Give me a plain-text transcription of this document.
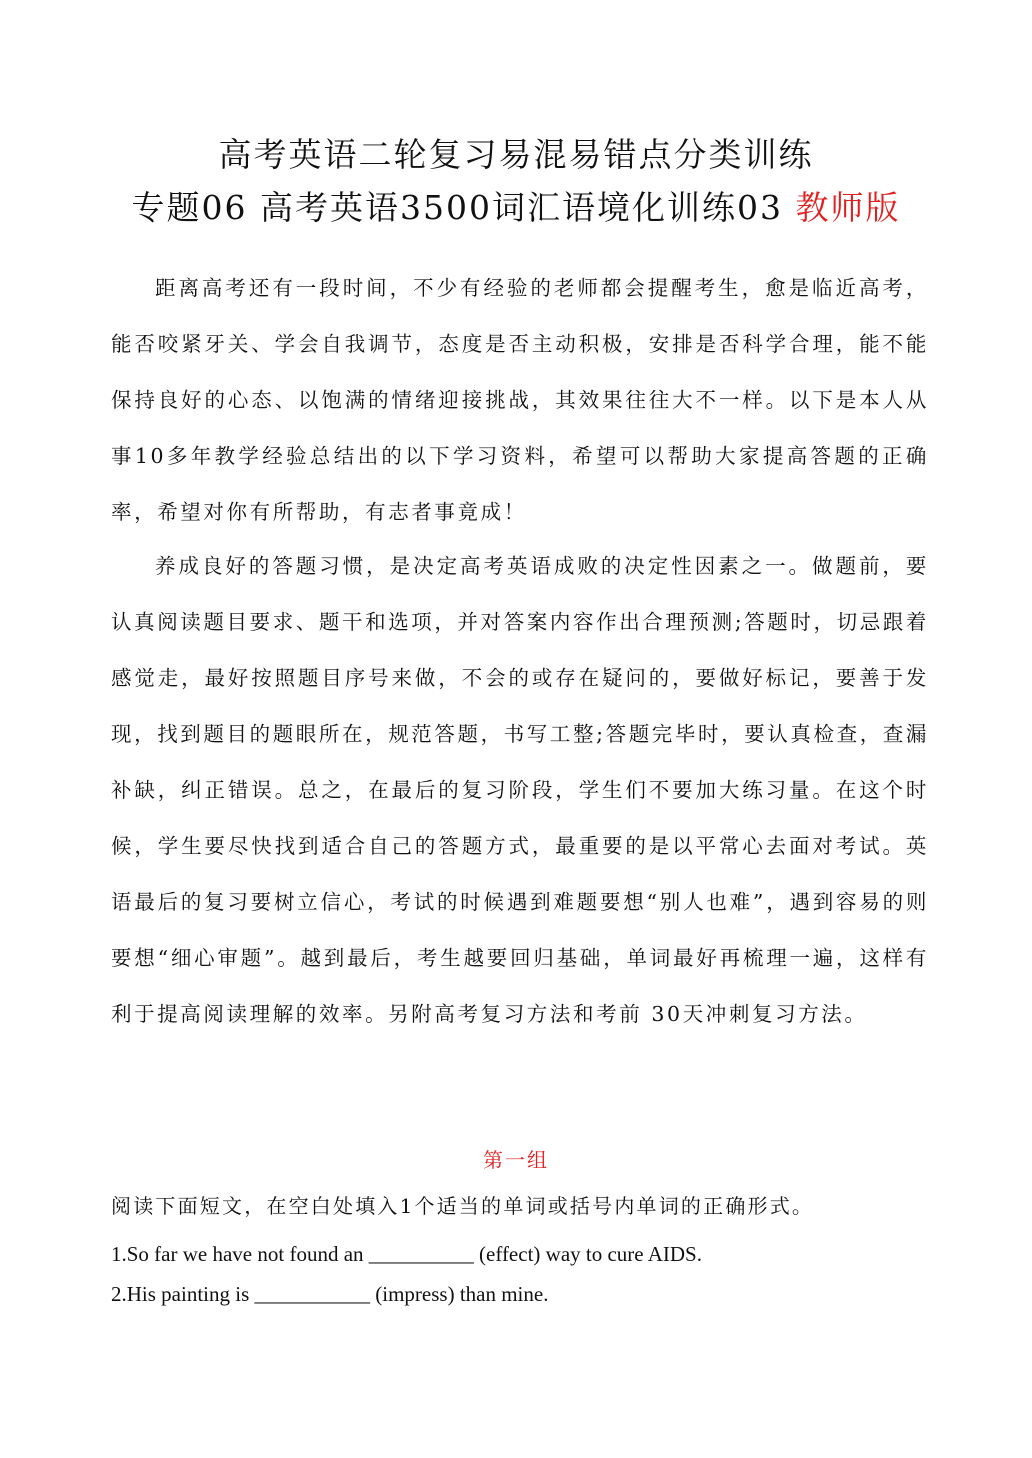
高考英语二轮复习易混易错点分类训练
专题06 高考英语3500词汇语境化训练03 教师版

距离高考还有一段时间，不少有经验的老师都会提醒考生，愈是临近高考，能否咬紧牙关、学会自我调节，态度是否主动积极，安排是否科学合理，能不能保持良好的心态、以饱满的情绪迎接挑战，其效果往往大不一样。以下是本人从事10多年教学经验总结出的以下学习资料，希望可以帮助大家提高答题的正确率，希望对你有所帮助，有志者事竟成！

养成良好的答题习惯，是决定高考英语成败的决定性因素之一。做题前，要认真阅读题目要求、题干和选项，并对答案内容作出合理预测;答题时，切忌跟着感觉走，最好按照题目序号来做，不会的或存在疑问的，要做好标记，要善于发现，找到题目的题眼所在，规范答题，书写工整;答题完毕时，要认真检查，查漏补缺，纠正错误。总之，在最后的复习阶段，学生们不要加大练习量。在这个时候，学生要尽快找到适合自己的答题方式，最重要的是以平常心去面对考试。英语最后的复习要树立信心，考试的时候遇到难题要想“别人也难”，遇到容易的则要想“细心审题”。越到最后，考生越要回归基础，单词最好再梳理一遍，这样有利于提高阅读理解的效率。另附高考复习方法和考前 30天冲刺复习方法。

第一组
阅读下面短文，在空白处填入1个适当的单词或括号内单词的正确形式。
1.So far we have not found an __________ (effect) way to cure AIDS.
2.His painting is ___________ (impress) than mine.
